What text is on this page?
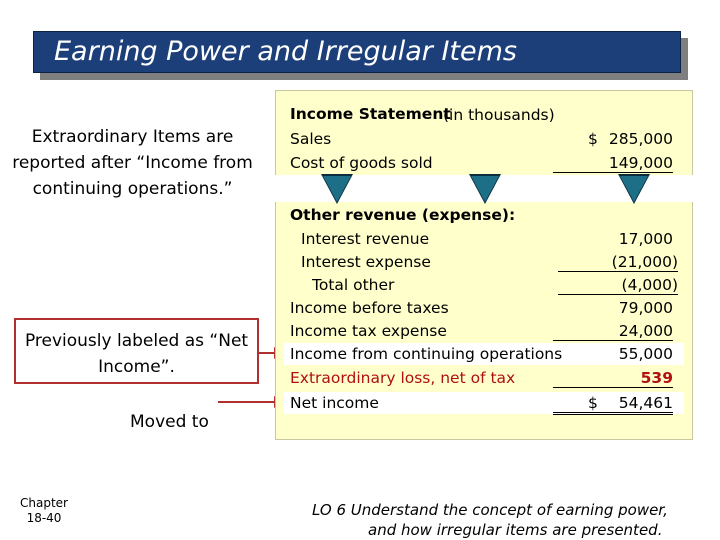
Earning Power and Irregular Items
Extraordinary Items are reported after “Income from continuing operations.”
Previously labeled as “Net Income”.
Moved to
Income Statement
(in thousands)
Sales	$ 285,000
Cost of goods sold	149,000
Other revenue (expense):
Interest revenue	17,000
Interest expense	(21,000)
Total other	(4,000)
Income before taxes	79,000
Income tax expense	24,000
Income from continuing operations	55,000
Extraordinary loss, net of tax	539
Net income	$	54,461
Chapter
18-40	LO 6 Understand the concept of earning power,
and how irregular items are presented.
